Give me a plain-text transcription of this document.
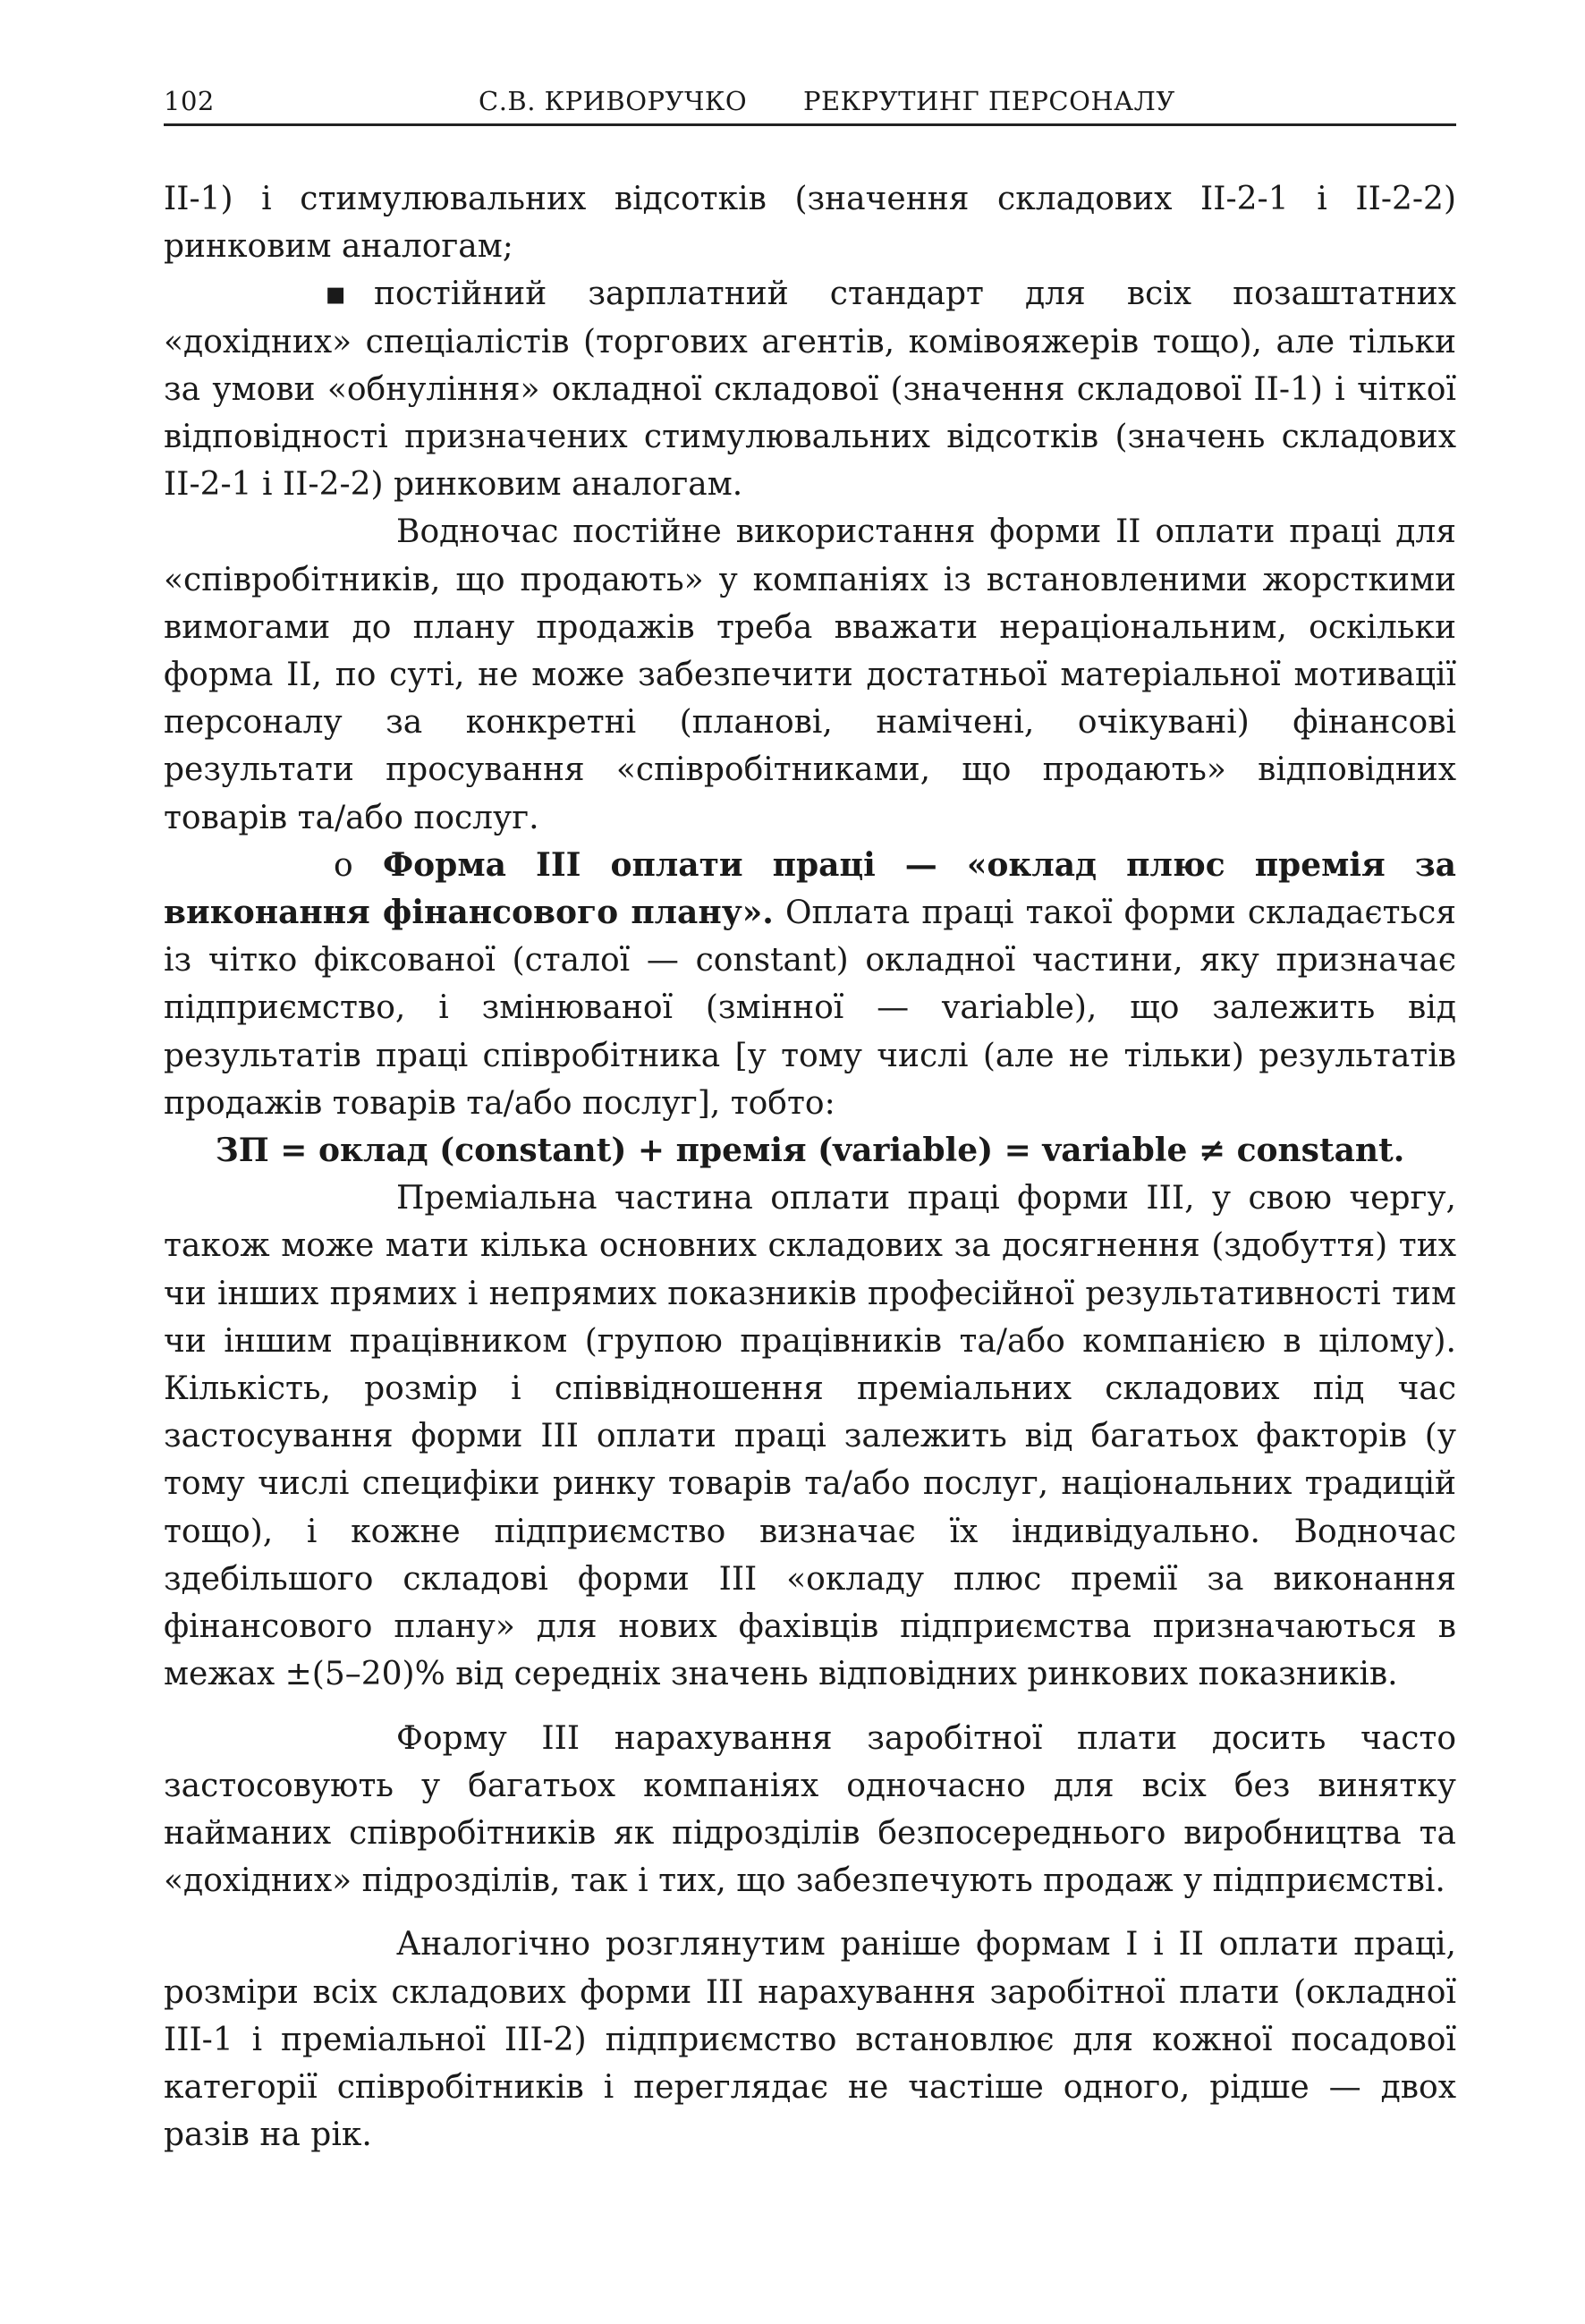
102	С.В. КРИВОРУЧКО РЕКРУТИНГ ПЕРСОНАЛУ

ІІ-1) і стимулювальних відсотків (значення складових ІІ-2-1 і ІІ-2-2) ринковим аналогам;

▪ постійний зарплатний стандарт для всіх позаштатних «дохідних» спеціалістів (торгових агентів, комівояжерів тощо), але тільки за умови «обнуління» окладної складової (значення складової ІІ-1) і чіткої відповідності призначених стимулювальних відсотків (значень складових ІІ-2-1 і ІІ-2-2) ринковим аналогам.

Водночас постійне використання форми ІІ оплати праці для «співробітників, що продають» у компаніях із встановленими жорсткими вимогами до плану продажів треба вважати нераціональним, оскільки форма ІІ, по суті, не може забезпечити достатньої матеріальної мотивації персоналу за конкретні (планові, намічені, очікувані) фінансові результати просування «співробітниками, що продають» відповідних товарів та/або послуг.

o Форма ІІІ оплати праці — «оклад плюс премія за виконання фінансового плану». Оплата праці такої форми складається із чітко фіксованої (сталої — constant) окладної частини, яку призначає підприємство, і змінюваної (змінної — variable), що залежить від результатів праці співробітника [у тому числі (але не тільки) результатів продажів товарів та/або послуг], тобто:

ЗП = оклад (constant) + премія (variable) = variable ≠ constant.

Преміальна частина оплати праці форми ІІІ, у свою чергу, також може мати кілька основних складових за досягнення (здобуття) тих чи інших прямих і непрямих показників професійної результативності тим чи іншим працівником (групою працівників та/або компанією в цілому). Кількість, розмір і співвідношення преміальних складових під час застосування форми ІІІ оплати праці залежить від багатьох факторів (у тому числі специфіки ринку товарів та/або послуг, національних традицій тощо), і кожне підприємство визначає їх індивідуально. Водночас здебільшого складові форми ІІІ «окладу плюс премії за виконання фінансового плану» для нових фахівців підприємства призначаються в межах ±(5–20)% від середніх значень відповідних ринкових показників.

Форму ІІІ нарахування заробітної плати досить часто застосовують у багатьох компаніях одночасно для всіх без винятку найманих співробітників як підрозділів безпосереднього виробництва та «дохідних» підрозділів, так і тих, що забезпечують продаж у підприємстві.

Аналогічно розглянутим раніше формам І і ІІ оплати праці, розміри всіх складових форми ІІІ нарахування заробітної плати (окладної ІІІ-1 і преміальної ІІІ-2) підприємство встановлює для кожної посадової категорії співробітників і переглядає не частіше одного, рідше — двох разів на рік.
